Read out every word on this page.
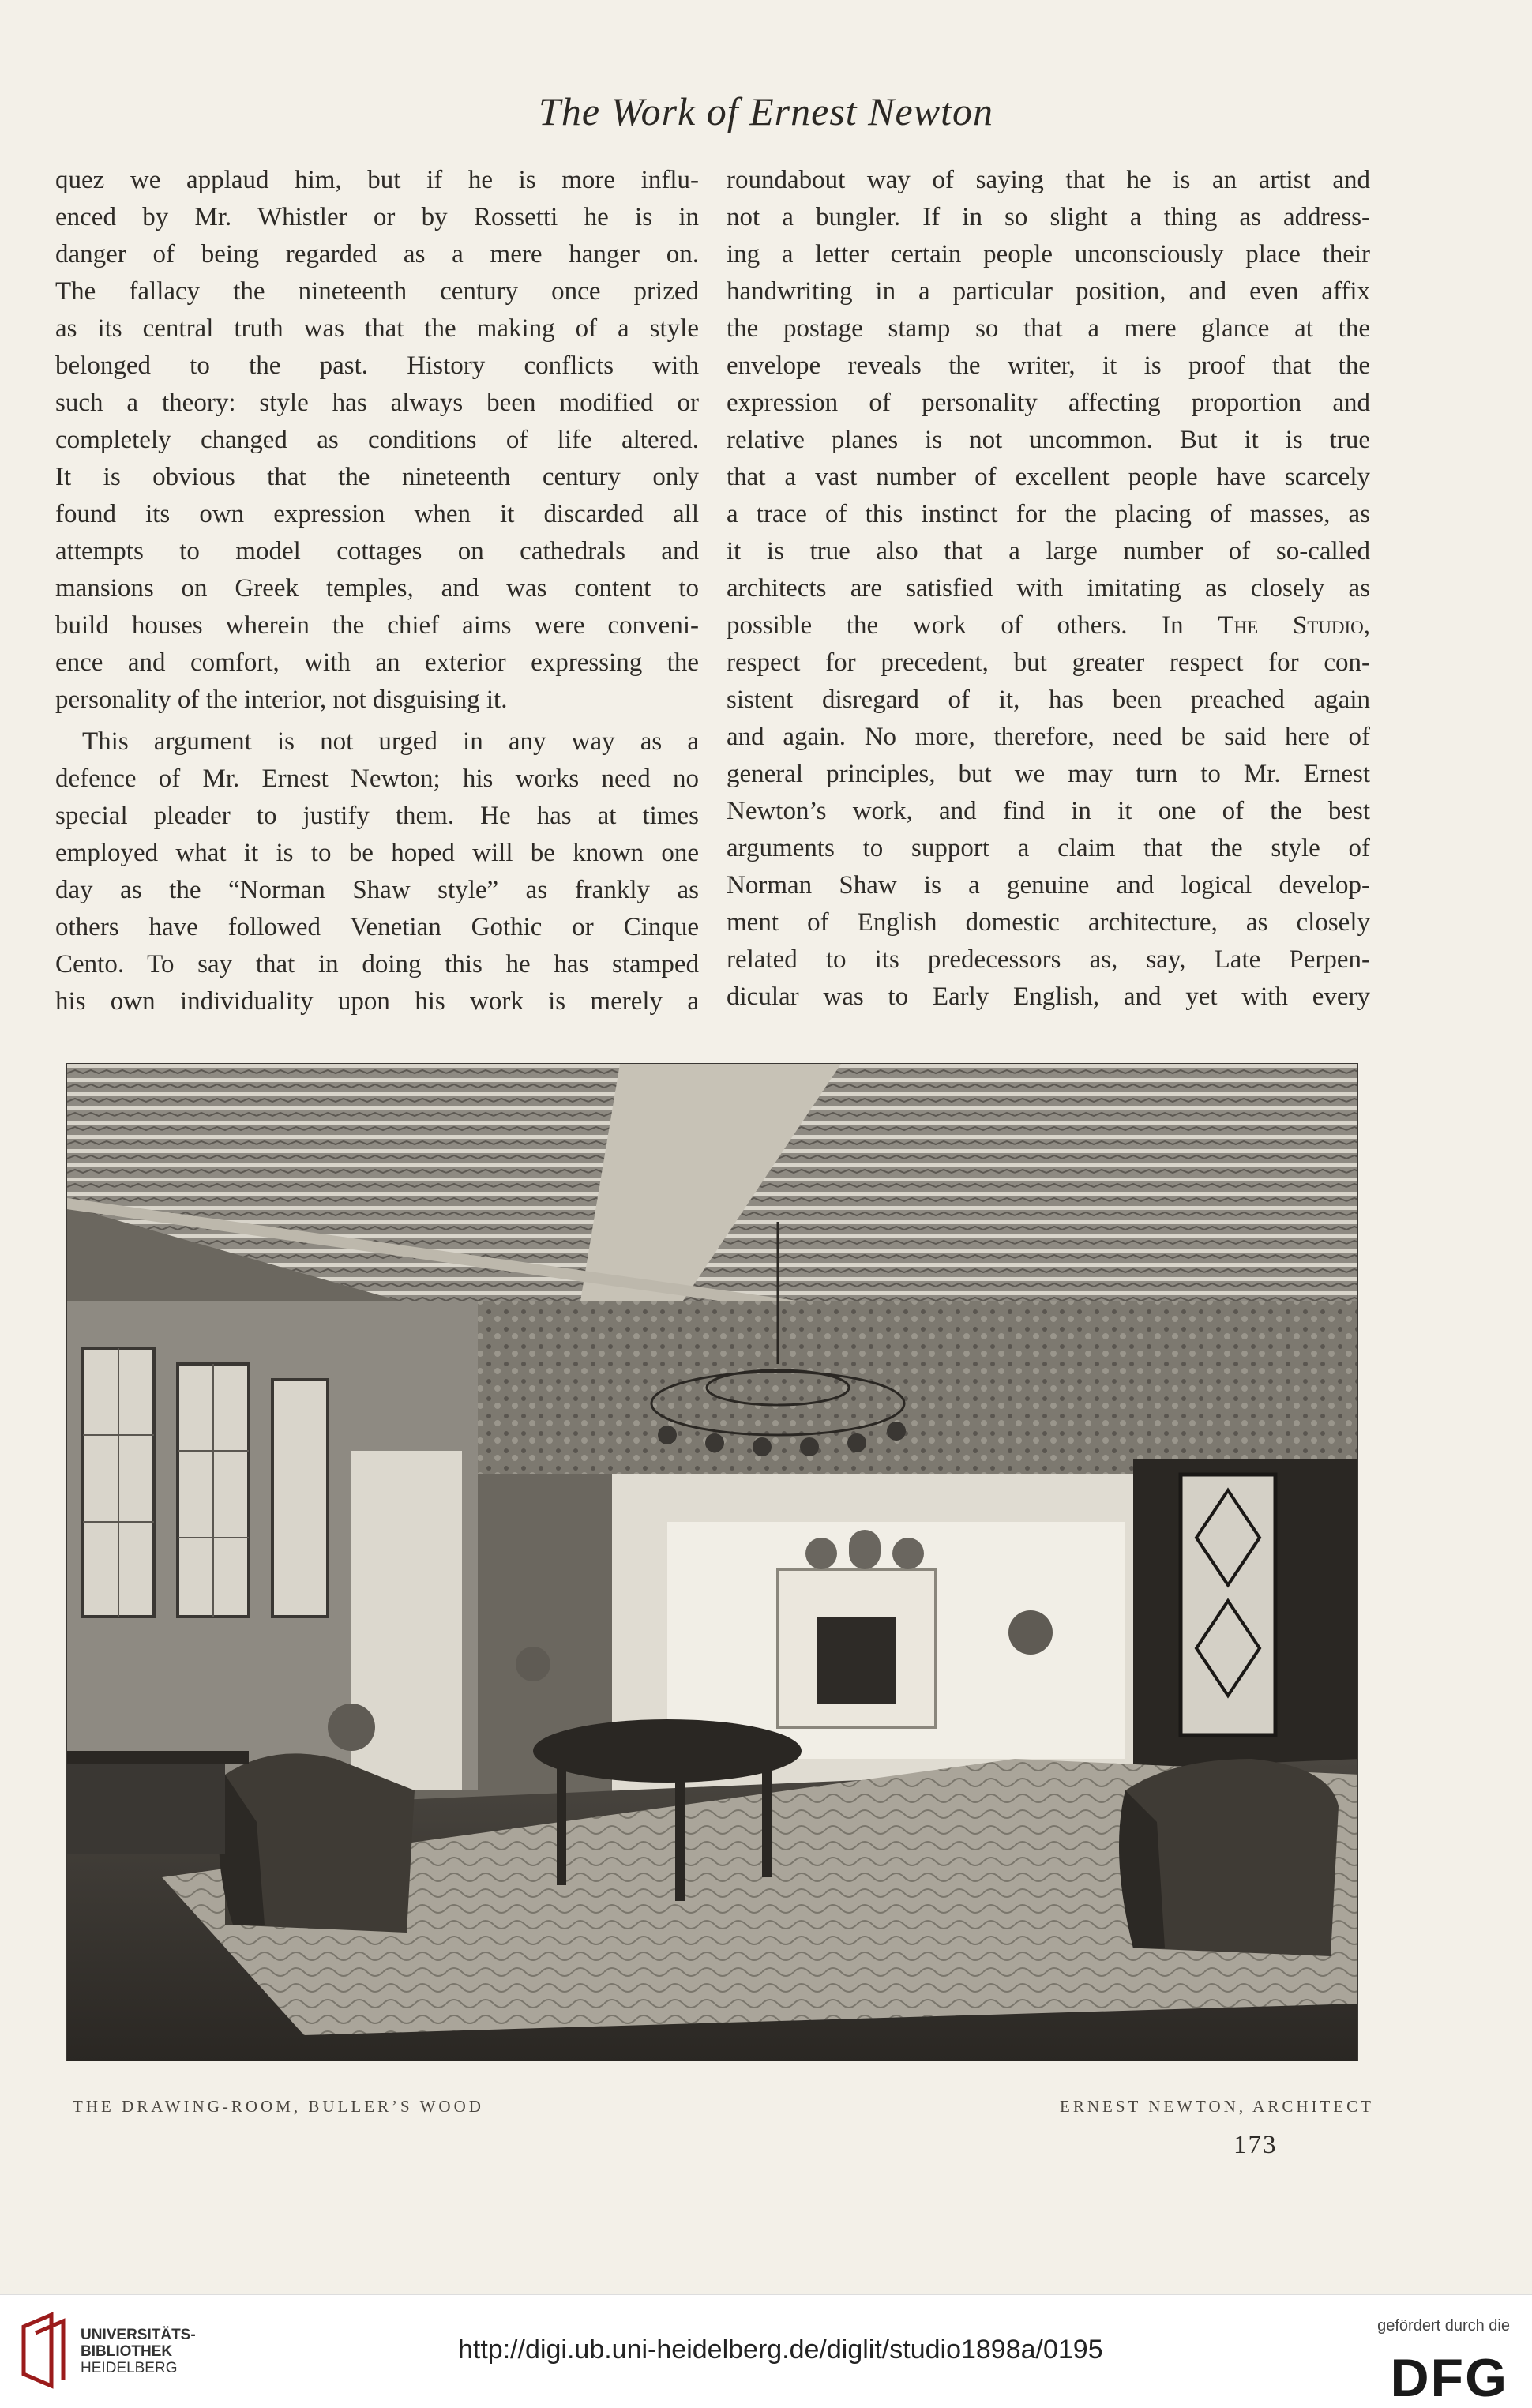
The Work of Ernest Newton

quez we applaud him, but if he is more influ-
enced by Mr. Whistler or by Rossetti he is in
danger of being regarded as a mere hanger on.
The fallacy the nineteenth century once prized
as its central truth was that the making of a style
belonged to the past. History conflicts with
such a theory: style has always been modified or
completely changed as conditions of life altered.
It is obvious that the nineteenth century only
found its own expression when it discarded all
attempts to model cottages on cathedrals and
mansions on Greek temples, and was content to
build houses wherein the chief aims were conveni-
ence and comfort, with an exterior expressing the
personality of the interior, not disguising it.

This argument is not urged in any way as a
defence of Mr. Ernest Newton; his works need no
special pleader to justify them. He has at times
employed what it is to be hoped will be known one
day as the “Norman Shaw style” as frankly as
others have followed Venetian Gothic or Cinque
Cento. To say that in doing this he has stamped
his own individuality upon his work is merely a

roundabout way of saying that he is an artist and
not a bungler. If in so slight a thing as address-
ing a letter certain people unconsciously place their
handwriting in a particular position, and even affix
the postage stamp so that a mere glance at the
envelope reveals the writer, it is proof that the
expression of personality affecting proportion and
relative planes is not uncommon. But it is true
that a vast number of excellent people have scarcely
a trace of this instinct for the placing of masses, as
it is true also that a large number of so-called
architects are satisfied with imitating as closely as
possible the work of others. In The Studio,
respect for precedent, but greater respect for con-
sistent disregard of it, has been preached again
and again. No more, therefore, need be said here of
general principles, but we may turn to Mr. Ernest
Newton’s work, and find in it one of the best
arguments to support a claim that the style of
Norman Shaw is a genuine and logical develop-
ment of English domestic architecture, as closely
related to its predecessors as, say, Late Perpen-
dicular was to Early English, and yet with every

THE DRAWING-ROOM, BULLER’S WOOD	ERNEST NEWTON, ARCHITECT
173
UNIVERSITÄTS-
BIBLIOTHEK
HEIDELBERG
http://digi.ub.uni-heidelberg.de/diglit/studio1898a/0195
gefördert durch die
DFG
